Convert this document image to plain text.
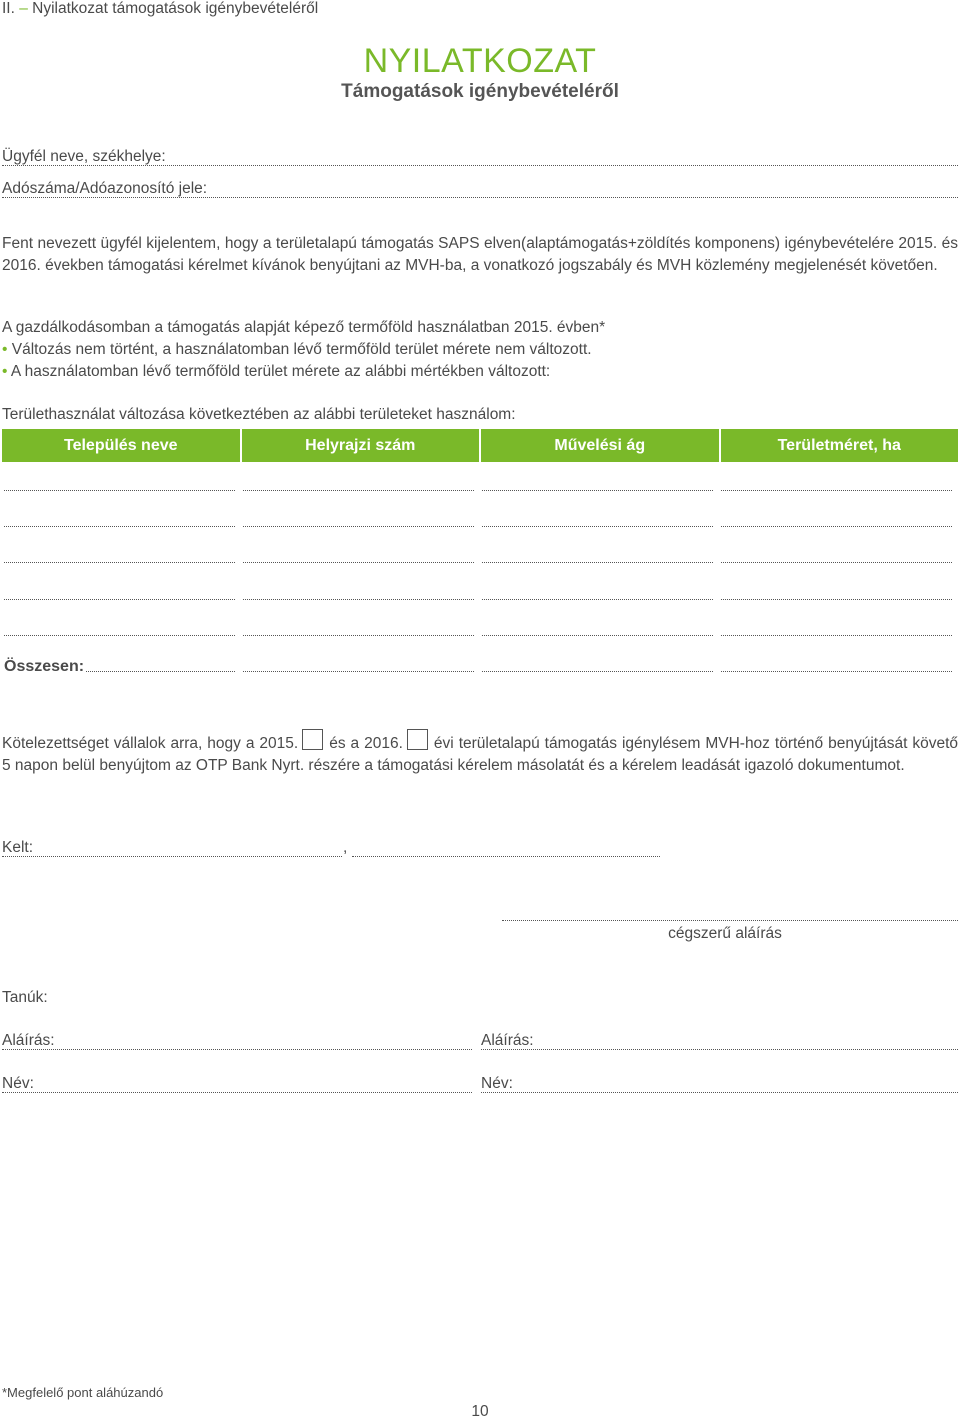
II. – Nyilatkozat támogatások igénybevételéről
NYILATKOZAT
Támogatások igénybevételéről
Ügyfél neve, székhelye:
Adószáma/Adóazonosító jele:
Fent nevezett ügyfél kijelentem, hogy a területalapú támogatás SAPS elven(alaptámogatás+zöldítés komponens) igénybevételére 2015. és 2016. években támogatási kérelmet kívánok benyújtani az MVH-ba, a vonatkozó jogszabály és MVH közlemény megjelenését követően.
A gazdálkodásomban a támogatás alapját képező termőföld használatban 2015. évben*
• Változás nem történt, a használatomban lévő termőföld terület mérete nem változott.
• A használatomban lévő termőföld terület mérete az alábbi mértékben változott:
Területhasználat változása következtében az alábbi területeket használom:
Település neve	Helyrajzi szám	Művelési ág	Területméret, ha
Összesen:
Kötelezettséget vállalok arra, hogy a 2015. és a 2016. évi területalapú támogatás igénylésem MVH-hoz történő benyújtását követő 5 napon belül benyújtom az OTP Bank Nyrt. részére a támogatási kérelem másolatát és a kérelem leadását igazoló dokumentumot.
Kelt:	,
cégszerű aláírás
Tanúk:
Aláírás:	Aláírás:
Név:	Név:
*Megfelelő pont aláhúzandó
10
